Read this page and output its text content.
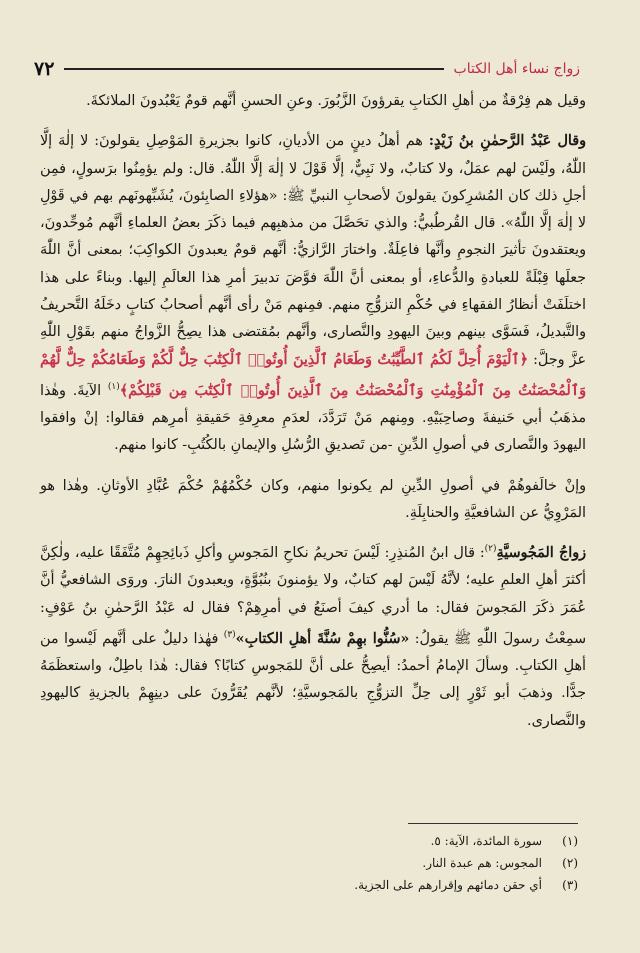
زواج نساء أهل الكتاب
٧٢

وقيل هم فِرْقةٌ من أهلِ الكتابِ يقرؤونَ الزَّبُورَ. وعنِ الحسنِ أنَّهم قومٌ يَعْبُدونَ الملائكةَ.

وقال عَبْدُ الرَّحمٰنِ بنُ زَيْدٍ: هم أهلُ دينٍ من الأديانِ، كانوا بجزيرةِ المَوْصِلِ يقولونَ: لا إلٰهَ إلَّا اللّٰهُ، ولَيْسَ لهم عمَلٌ، ولا كتابٌ، ولا نَبِيٌّ، إلَّا قَوْلَ لا إلٰهَ إلَّا اللّٰهُ. قال: ولم يؤمِنُوا برَسولٍ، فمِن أجلِ ذلك كان المُشرِكونَ يقولونَ لأصحابِ النبيِّ ﷺ: «هؤلاءِ الصابِئونَ، يُشَبِّهونَهم بهم في قَوْلِ لا إلٰهَ إلَّا اللّٰهُ». قال القُرطُبيُّ: والذي تحَصَّلَ من مذهبِهم فيما ذكَرَ بعضُ العلماءِ أنَّهم مُوحِّدونَ، ويعتقدونَ تأثيرَ النجومِ وأنَّها فاعِلَةٌ. واختارَ الرَّازيُّ: أنَّهم قومٌ يعبدونَ الكواكِبَ؛ بمعنى أنَّ اللّٰهَ جعلَها قِبْلَةً للعبادةِ والدُّعاءِ، أو بمعنى أنَّ اللّٰهَ فوَّضَ تدبيرَ أمرِ هذا العالَمِ إليها. وبناءً على هذا اختلَفَتْ أنظارُ الفقهاءِ في حُكْمِ التزوُّجِ منهم. فمِنهم مَنْ رأى أنَّهم أصحابُ كتابٍ دخَلَهُ التَّحريفُ والتَّبديلُ، فَسَوَّى بينهم وبينَ اليهودِ والنَّصارى، وأنَّهم بمُقتضى هذا يصِحُّ الزَّواجُ منهم بقَوْلِ اللّٰهِ عزَّ وجلَّ: ﴿ٱلْيَوْمَ أُحِلَّ لَكُمُ ٱلطَّيِّبَٰتُ وَطَعَامُ ٱلَّذِينَ أُوتُوا۟ ٱلْكِتَٰبَ حِلٌّ لَّكُمْ وَطَعَامُكُمْ حِلٌّ لَّهُمْ وَٱلْمُحْصَنَٰتُ مِنَ ٱلْمُؤْمِنَٰتِ وَٱلْمُحْصَنَٰتُ مِنَ ٱلَّذِينَ أُوتُوا۟ ٱلْكِتَٰبَ مِن قَبْلِكُمْ﴾$^{(١)}$ الآيةَ. وهٰذا مذهَبُ أبي حَنيفةَ وصاحِبَيْهِ. ومِنهم مَنْ تَرَدَّدَ، لعدَمِ معرِفةِ حَقيقةِ أمرِهم فقالوا: إنْ وافقوا اليهودَ والنَّصارى في أصولِ الدِّينِ -من تَصديقِ الرُّسُلِ والإيمانِ بالكُتُبِ- كانوا منهم.

وإنْ خالَفوهُمْ في أصولِ الدِّينِ لم يكونوا منهم، وكان حُكْمُهُمْ حُكْمَ عُبَّادِ الأوثانِ. وهٰذا هو المَرْوِيُّ عن الشافعيَّةِ والحنابِلَةِ.

زواجُ المَجُوسيَّةِ$^{(٢)}$: قال ابنُ المُنذِرِ: لَيْسَ تحريمُ نكاحِ المَجوسِ وأكلِ ذَبائِحِهِمْ مُتَّفَقًا عليه، ولٰكِنَّ أكثرَ أهلِ العلمِ عليه؛ لأنَّهُ لَيْسَ لهم كتابٌ، ولا يؤمنونَ بنُبُوَّةٍ، ويعبدونَ النارَ. وروَى الشافعيُّ أنَّ عُمَرَ ذكَرَ المَجوسَ فقال: ما أدري كيفَ أصنَعُ في أمرِهِمْ؟ فقال له عَبْدُ الرَّحمٰنِ بنُ عَوْفٍ: سمِعْتُ رسولَ اللّٰهِ ﷺ يقولُ: «سُنُّوا بهِمْ سُنَّةَ أهلِ الكتابِ»$^{(٣)}$ فهٰذا دليلٌ على أنَّهم لَيْسوا من أهلِ الكتابِ. وسألَ الإمامُ أحمدُ: أيصِحُّ على أنَّ للمَجوسِ كتابًا؟ فقال: هٰذا باطِلٌ، واستعظَمَهُ جدًّا. وذهبَ أبو ثَوْرٍ إلى حِلِّ التزوُّجِ بالمَجوسيَّةِ؛ لأنَّهم يُقَرُّونَ على دينِهِمْ بالجزيةِ كاليهودِ والنَّصارى.

(١)
سورة المائدة، الآية: ٥.
(٢)
المجوس: هم عبدة النار.
(٣)
أي حقن دمائهم وإقرارهم على الجزية.
